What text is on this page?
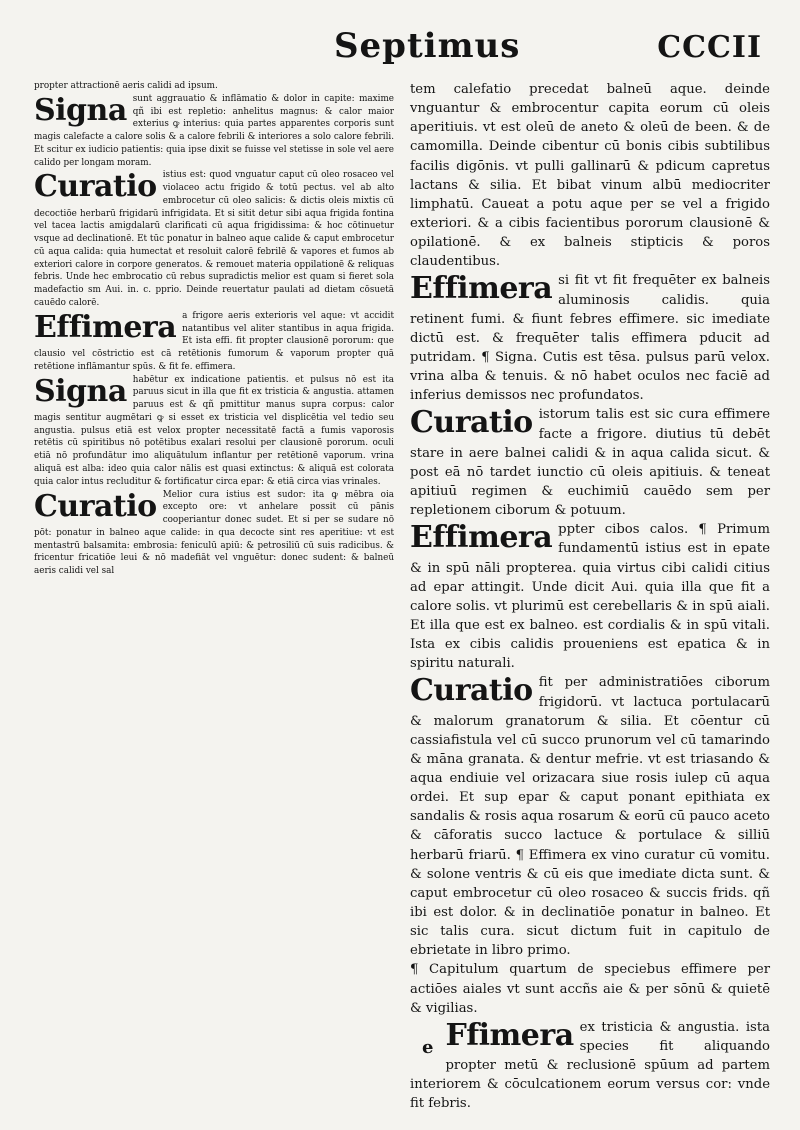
Septimus	CCCII

propter attractionē aeris calidi ad ipsum.

Signa sunt aggrauatio & inflāmatio & dolor in capite: maxime qñ ibi est repletio: anhelitus magnus: & calor maior exterius ꝙ interius: quia partes apparentes corporis sunt magis calefacte a calore solis & a calore febrili & interiores a solo calore febrili. Et scitur ex iudicio patientis: quia ipse dixit se fuisse vel stetisse in sole vel aere calido per longam moram.

Curatio istius est: quod vnguatur caput cū oleo rosaceo vel violaceo actu frigido & totū pectus. vel ab alto embrocetur cū oleo salicis: & dictis oleis mixtis cū decoctiōe herbarū frigidarū infrigidata. Et si sitit detur sibi aqua frigida fontina vel tacea lactis amigdalarū clarificati cū aqua frigidissima: & hoc cōtinuetur vsque ad declinationē. Et tūc ponatur in balneo aque calide & caput embrocetur cū aqua calida: quia humectat et resoluit calorē febrilē & vapores et fumos ab exteriori calore in corpore generatos. & remouet materia oppilationē & reliquas febris. Unde hec embrocatio cū rebus supradictis melior est quam si fieret sola madefactio sm Aui. in. c. pprio. Deinde reuertatur paulati ad dietam cōsuetā cauēdo calorē.

Effimera a frigore aeris exterioris vel aque: vt accidit natantibus vel aliter stantibus in aqua frigida. Et ista effi. fit propter clausionē pororum: que clausio vel cōstrictio est cā retētionis fumorum & vaporum propter quā retētione inflāmantur spūs. & fit fe. effimera.

Signa habētur ex indicatione patientis. et pulsus nō est ita paruus sicut in illa que fit ex tristicia & angustia. attamen paruus est & qñ pmittitur manus supra corpus: calor magis sentitur augmētari ꝙ si esset ex tristicia vel displicētia vel tedio seu angustia. pulsus etiā est velox propter necessitatē factā a fumis vaporosis retētis cū spiritibus nō potētibus exalari resolui per clausionē pororum. oculi etiā nō profundātur imo aliquātulum inflantur per retētionē vaporum. vrina aliquā est alba: ideo quia calor nālis est quasi extinctus: & aliquā est colorata quia calor intus recluditur & fortificatur circa epar: & etiā circa vias vrinales.

Curatio Melior cura istius est sudor: ita ꝙ mēbra oia excepto ore: vt anhelare possit cū pānis cooperiantur donec sudet. Et si per se sudare nō pōt: ponatur in balneo aque calide: in qua decocte sint res aperitiue: vt est mentastrū balsamita: embrosia: feniculū apiū: & petrosiliū cū suis radicibus. & fricentur fricatiōe leui & nō madefiāt vel vnguētur: donec sudent: & balneū aeris calidi vel sal

tem calefatio precedat balneū aque. deinde vnguantur & embrocentur capita eorum cū oleis aperitiuis. vt est oleū de aneto & oleū de been. & de camomilla. Deinde cibentur cū bonis cibis subtilibus facilis digōnis. vt pulli gallinarū & pdicum capretus lactans & silia. Et bibat vinum albū mediocriter limphatū. Caueat a potu aque per se vel a frigido exteriori. & a cibis facientibus pororum clausionē & opilationē. & ex balneis stipticis & poros claudentibus.

Effimera si fit vt fit frequēter ex balneis aluminosis calidis. quia retinent fumi. & fiunt febres effimere. sic imediate dictū est. & frequēter talis effimera pducit ad putridam. ¶ Signa. Cutis est tēsa. pulsus parū velox. vrina alba & tenuis. & nō habet oculos nec faciē ad inferius demissos nec profundatos.

Curatio istorum talis est sic cura effimere facte a frigore. diutius tū debēt stare in aere balnei calidi & in aqua calida sicut. & post eā nō tardet iunctio cū oleis apitiuis. & teneat apitiuū regimen & euchimiū cauēdo sem per repletionem ciborum & potuum.

Effimera ppter cibos calos. ¶ Primum fundamentū istius est in epate & in spū nāli propterea. quia virtus cibi calidi citius ad epar attingit. Unde dicit Aui. quia illa que fit a calore solis. vt plurimū est cerebellaris & in spū aiali. Et illa que est ex balneo. est cordialis & in spū vitali. Ista ex cibis calidis proueniens est epatica & in spiritu naturali.

Curatio fit per administratiōes ciborum frigidorū. vt lactuca portulacarū & malorum granatorum & silia. Et cōentur cū cassiafistula vel cū succo prunorum vel cū tamarindo & māna granata. & dentur mefrie. vt est triasando & aqua endiuie vel orizacara siue rosis iulep cū aqua ordei. Et sup epar & caput ponant epithiata ex sandalis & rosis aqua rosarum & eorū cū pauco aceto & cāforatis succo lactuce & portulace & silliū herbarū friarū. ¶ Effimera ex vino curatur cū vomitu. & solone ventris & cū eis que imediate dicta sunt. & caput embrocetur cū oleo rosaceo & succis frids. qñ ibi est dolor. & in declinatiōe ponatur in balneo. Et sic talis cura. sicut dictum fuit in capitulo de ebrietate in libro primo.

¶ Capitulum quartum de speciebus effimere per actiōes aiales vt sunt accñs aie & per sōnū & quietē & vigilias.

e Ffimera ex tristicia & angustia. ista species fit aliquando propter metū & reclusionē spūum ad partem interiorem & cōculcationem eorum versus cor: vnde fit febris.
